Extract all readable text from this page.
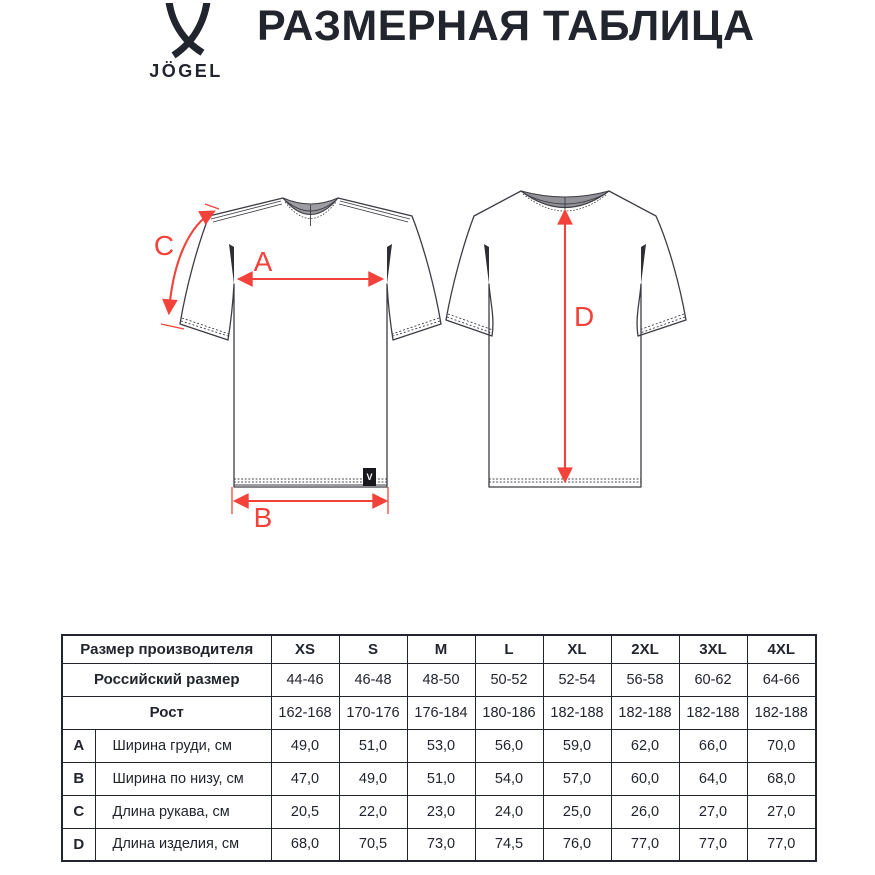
JÖGEL
РАЗМЕРНАЯ ТАБЛИЦА
V
A
B
C
D
Размер производителя		XS	S	M	L	XL	2XL	3XL	4XL
Российский размер		44-46	46-48	48-50	50-52	52-54	56-58	60-62	64-66
Рост		162-168	170-176	176-184	180-186	182-188	182-188	182-188	182-188
A	Ширина груди, см	49,0	51,0	53,0	56,0	59,0	62,0	66,0	70,0
B	Ширина по низу, см	47,0	49,0	51,0	54,0	57,0	60,0	64,0	68,0
C	Длина рукава, см	20,5	22,0	23,0	24,0	25,0	26,0	27,0	27,0
D	Длина изделия, см	68,0	70,5	73,0	74,5	76,0	77,0	77,0	77,0
